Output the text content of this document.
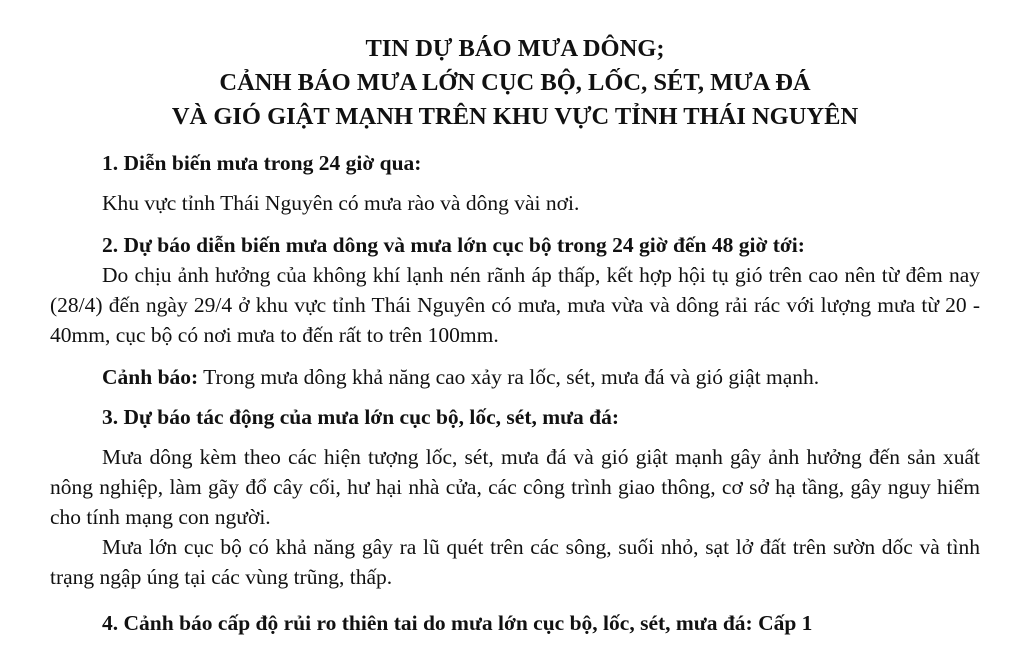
TIN DỰ BÁO MƯA DÔNG;
CẢNH BÁO MƯA LỚN CỤC BỘ, LỐC, SÉT, MƯA ĐÁ
VÀ GIÓ GIẬT MẠNH TRÊN KHU VỰC TỈNH THÁI NGUYÊN
1. Diễn biến mưa trong 24 giờ qua:
Khu vực tỉnh Thái Nguyên có mưa rào và dông vài nơi.
2. Dự báo diễn biến mưa dông và mưa lớn cục bộ trong 24 giờ đến 48 giờ tới:
Do chịu ảnh hưởng của không khí lạnh nén rãnh áp thấp, kết hợp hội tụ gió trên cao nên từ đêm nay (28/4) đến ngày 29/4 ở khu vực tỉnh Thái Nguyên có mưa, mưa vừa và dông rải rác với lượng mưa từ 20 - 40mm, cục bộ có nơi mưa to đến rất to trên 100mm.
Cảnh báo: Trong mưa dông khả năng cao xảy ra lốc, sét, mưa đá và gió giật mạnh.
3. Dự báo tác động của mưa lớn cục bộ, lốc, sét, mưa đá:
Mưa dông kèm theo các hiện tượng lốc, sét, mưa đá và gió giật mạnh gây ảnh hưởng đến sản xuất nông nghiệp, làm gãy đổ cây cối, hư hại nhà cửa, các công trình giao thông, cơ sở hạ tầng, gây nguy hiểm cho tính mạng con người.
Mưa lớn cục bộ có khả năng gây ra lũ quét trên các sông, suối nhỏ, sạt lở đất trên sườn dốc và tình trạng ngập úng tại các vùng trũng, thấp.
4. Cảnh báo cấp độ rủi ro thiên tai do mưa lớn cục bộ, lốc, sét, mưa đá: Cấp 1
